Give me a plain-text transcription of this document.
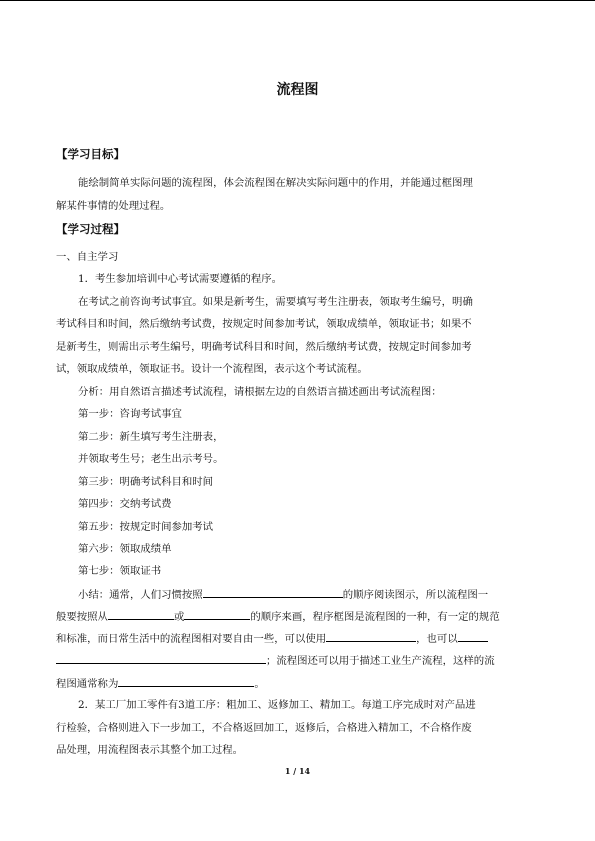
流程图
【学习目标】
能绘制简单实际问题的流程图，体会流程图在解决实际问题中的作用，并能通过框图理
解某件事情的处理过程。
【学习过程】
一、自主学习
1．考生参加培训中心考试需要遵循的程序。
在考试之前咨询考试事宜。如果是新考生，需要填写考生注册表，领取考生编号，明确
考试科目和时间，然后缴纳考试费，按规定时间参加考试，领取成绩单，领取证书；如果不
是新考生，则需出示考生编号，明确考试科目和时间，然后缴纳考试费，按规定时间参加考
试，领取成绩单，领取证书。设计一个流程图，表示这个考试流程。
分析：用自然语言描述考试流程，请根据左边的自然语言描述画出考试流程图：
第一步：咨询考试事宜
第二步：新生填写考生注册表，
并领取考生号；老生出示考号。
第三步：明确考试科目和时间
第四步：交纳考试费
第五步：按规定时间参加考试
第六步：领取成绩单
第七步：领取证书
小结：通常，人们习惯按照	的顺序阅读图示，所以流程图一
般要按照从	或	的顺序来画，程序框图是流程图的一种，有一定的规范
和标准，而日常生活中的流程图相对要自由一些，可以使用	，也可以
；流程图还可以用于描述工业生产流程，这样的流
程图通常称为	。
2．某工厂加工零件有3道工序：粗加工、返修加工、精加工。每道工序完成时对产品进
行检验，合格则进入下一步加工，不合格返回加工，返修后，合格进入精加工，不合格作废
品处理，用流程图表示其整个加工过程。
1 / 14
